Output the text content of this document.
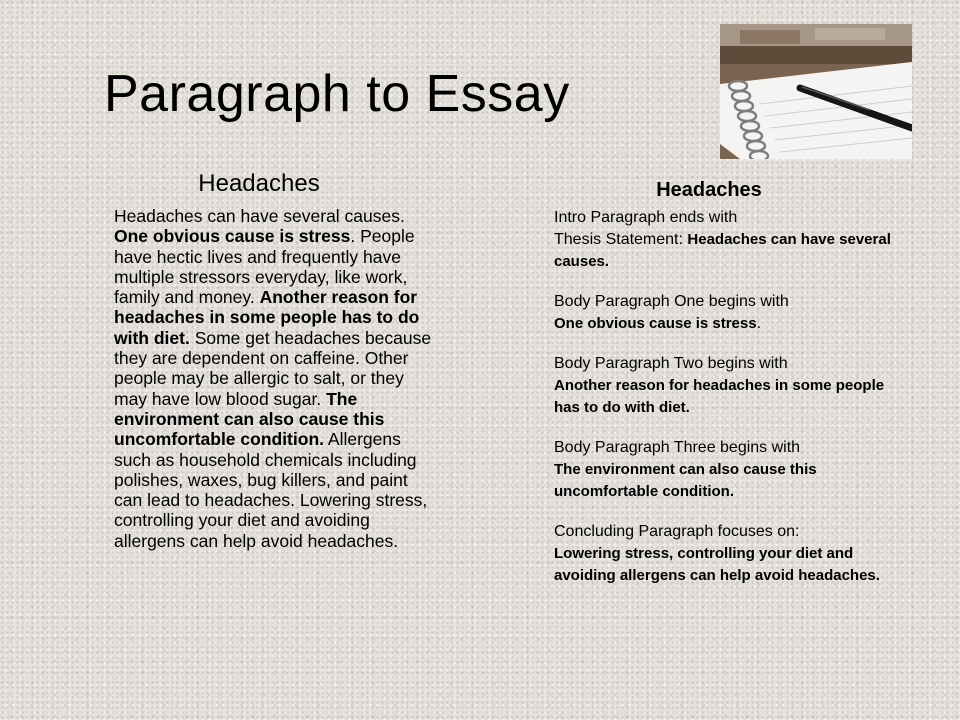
Paragraph to Essay
Headaches

Headaches can have several causes. One obvious cause is stress. People have hectic lives and frequently have multiple stressors everyday, like work, family and money. Another reason for headaches in some people has to do with diet. Some get headaches because they are dependent on caffeine. Other people may be allergic to salt, or they may have low blood sugar. The environment can also cause this uncomfortable condition. Allergens such as household chemicals including polishes, waxes, bug killers, and paint can lead to headaches. Lowering stress, controlling your diet and avoiding allergens can help avoid headaches.

Headaches
Intro Paragraph ends with
Thesis Statement: Headaches can have several causes.
Body Paragraph One begins with
One obvious cause is stress.
Body Paragraph Two begins with
Another reason for headaches in some people has to do with diet.
Body Paragraph Three begins with
The environment can also cause this uncomfortable condition.
Concluding Paragraph focuses on:
Lowering stress, controlling your diet and avoiding allergens can help avoid headaches.
